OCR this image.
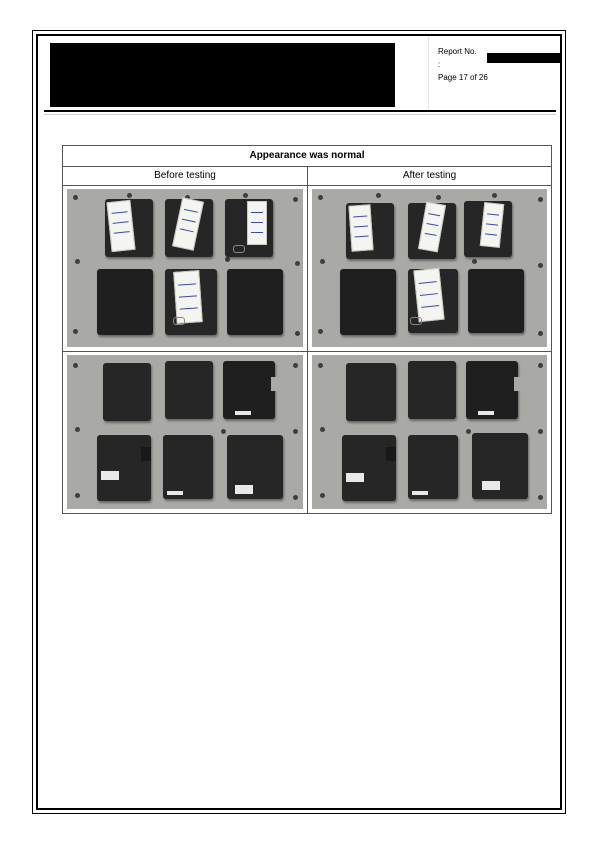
Report No. :
Page 17 of 26
Appearance was normal
Before testing	After testing
